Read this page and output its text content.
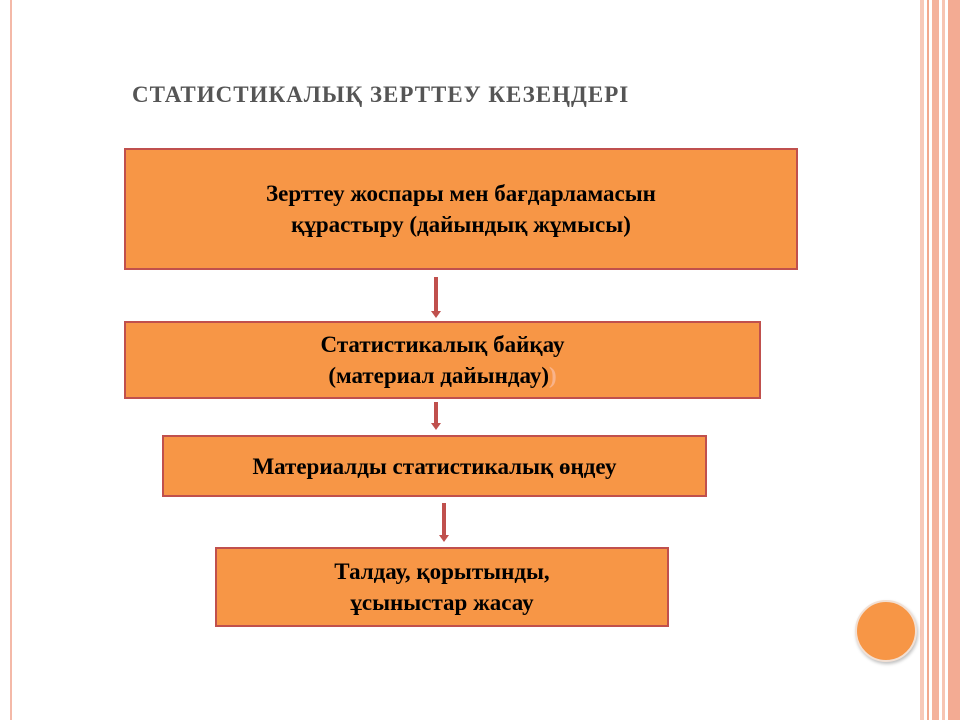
СТАТИСТИКАЛЫҚ ЗЕРТТЕУ КЕЗЕҢДЕРІ
Зерттеу жоспары мен бағдарламасын
құрастыру (дайындық жұмысы)
Статистикалық байқау
(материал дайындау))
Материалды статистикалық өңдеу
Талдау, қорытынды,
ұсыныстар жасау
